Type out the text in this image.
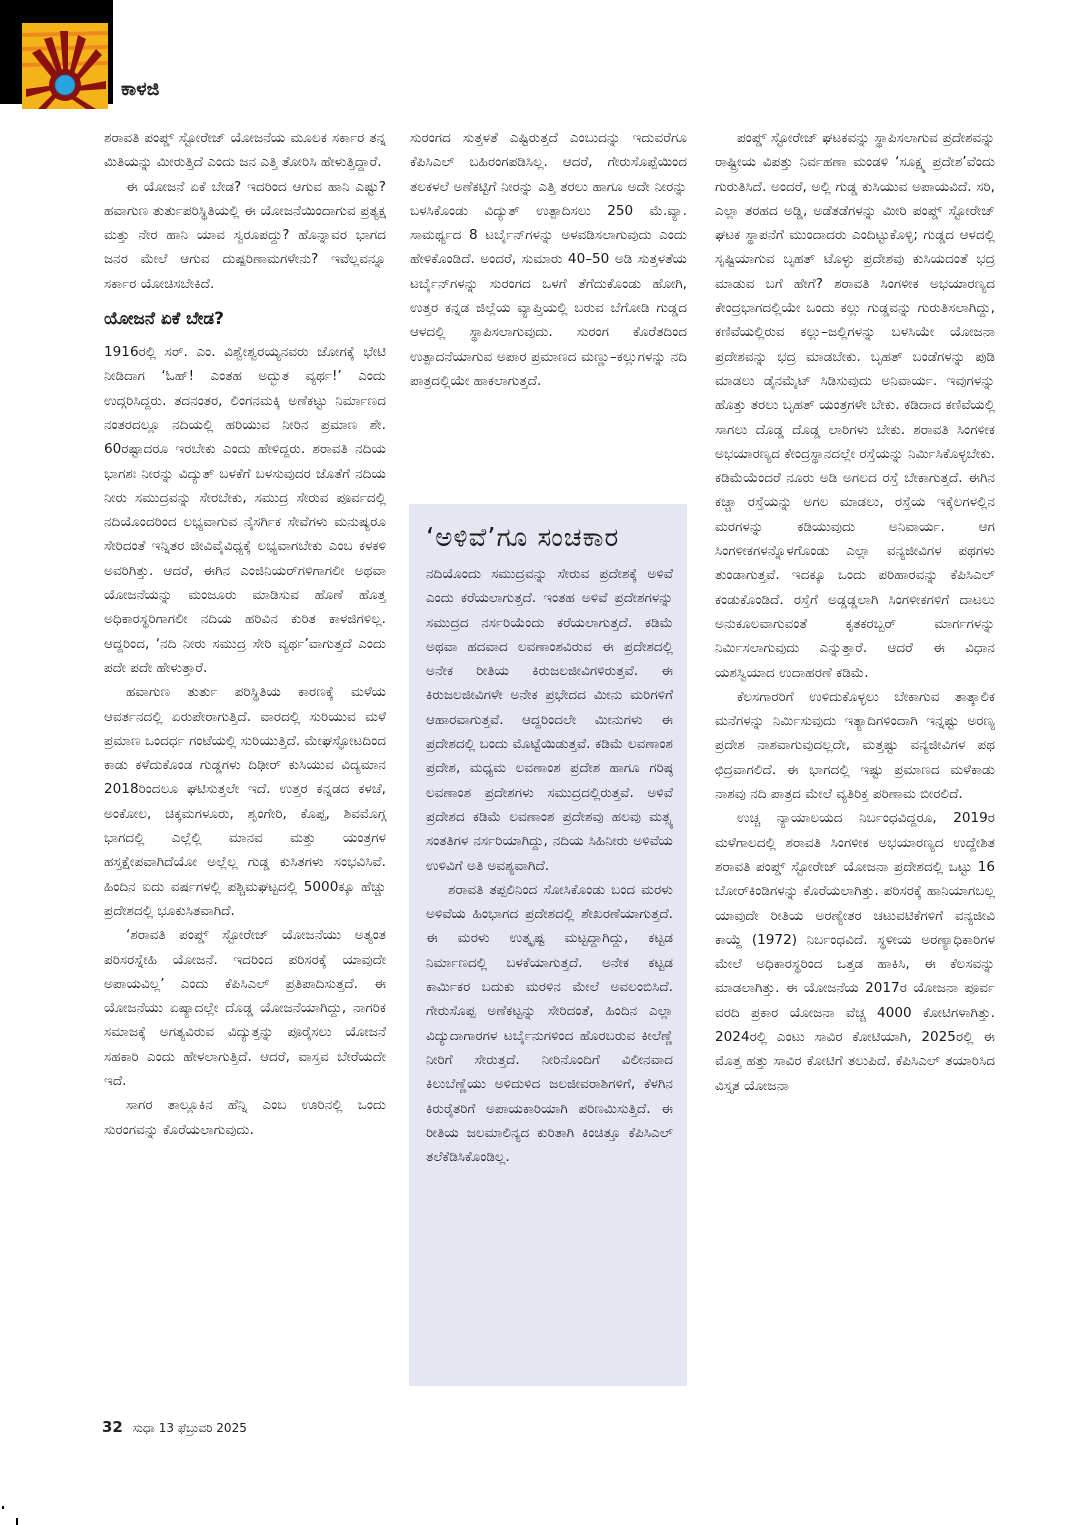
ಕಾಳಜಿ

ಶರಾವತಿ ಪಂಪ್ಡ್ ಸ್ಟೋರೇಜ್ ಯೋಜನೆಯ ಮೂಲಕ ಸರ್ಕಾರ ತನ್ನ ಮಿತಿಯನ್ನು ಮೀರುತ್ತಿದೆ ಎಂದು ಜನ ಎತ್ತಿ ತೋರಿಸಿ ಹೇಳುತ್ತಿದ್ದಾರೆ.

ಈ ಯೋಜನೆ ಏಕೆ ಬೇಡ? ಇದರಿಂದ ಆಗುವ ಹಾನಿ ಎಷ್ಟು? ಹವಾಗುಣ ತುರ್ತುಪರಿಸ್ಥಿತಿಯಲ್ಲಿ ಈ ಯೋಜನೆಯಿಂದಾಗುವ ಪ್ರತ್ಯಕ್ಷ ಮತ್ತು ನೇರ ಹಾನಿ ಯಾವ ಸ್ವರೂಪದ್ದು? ಹೊನ್ನಾವರ ಭಾಗದ ಜನರ ಮೇಲೆ ಆಗುವ ದುಷ್ಪರಿಣಾಮಗಳೇನು? ಇವೆಲ್ಲವನ್ನೂ ಸರ್ಕಾರ ಯೋಚಿಸಬೇಕಿದೆ.

ಯೋಜನೆ ಏಕೆ ಬೇಡ?

1916ರಲ್ಲಿ ಸರ್. ಎಂ. ವಿಶ್ವೇಶ್ವರಯ್ಯನವರು ಜೋಗಕ್ಕೆ ಭೇಟಿ ನೀಡಿದಾಗ ‘ಓಹ್! ಎಂತಹ ಅದ್ಭುತ ವ್ಯರ್ಥ!’ ಎಂದು ಉದ್ಗರಿಸಿದ್ದರು. ತದನಂತರ, ಲಿಂಗನಮಕ್ಕಿ ಅಣೆಕಟ್ಟು ನಿರ್ಮಾಣದ ನಂತರದಲ್ಲೂ ನದಿಯಲ್ಲಿ ಹರಿಯುವ ನೀರಿನ ಪ್ರಮಾಣ ಶೇ. 60ರಷ್ಟಾದರೂ ಇರಬೇಕು ಎಂದು ಹೇಳಿದ್ದರು. ಶರಾವತಿ ನದಿಯ ಭಾಗಶಃ ನೀರನ್ನು ವಿದ್ಯುತ್ ಬಳಕೆಗೆ ಬಳಸುವುದರ ಜೊತೆಗೆ ನದಿಯ ನೀರು ಸಮುದ್ರವನ್ನು ಸೇರಬೇಕು, ಸಮುದ್ರ ಸೇರುವ ಪೂರ್ವದಲ್ಲಿ ನದಿಯೊಂದರಿಂದ ಲಭ್ಯವಾಗುವ ನೈಸರ್ಗಿಕ ಸೇವೆಗಳು ಮನುಷ್ಯರೂ ಸೇರಿದಂತೆ ಇನ್ನಿತರ ಜೀವಿವೈವಿಧ್ಯಕ್ಕೆ ಲಭ್ಯವಾಗಬೇಕು ಎಂಬ ಕಳಕಳಿ ಅವರಿಗಿತ್ತು. ಆದರೆ, ಈಗಿನ ಎಂಜಿನಿಯರ್‌ಗಳಿಗಾಗಲೀ ಅಥವಾ ಯೋಜನೆಯನ್ನು ಮಂಜೂರು ಮಾಡಿಸುವ ಹೊಣೆ ಹೊತ್ತ ಅಧಿಕಾರಸ್ಥರಿಗಾಗಲೀ ನದಿಯ ಹರಿವಿನ ಕುರಿತ ಕಾಳಜಿಗಳಿಲ್ಲ. ಆದ್ದರಿಂದ, ‘ನದಿ ನೀರು ಸಮುದ್ರ ಸೇರಿ ವ್ಯರ್ಥ’ವಾಗುತ್ತದೆ ಎಂದು ಪದೇ ಪದೇ ಹೇಳುತ್ತಾರೆ.

ಹವಾಗುಣ ತುರ್ತು ಪರಿಸ್ಥಿತಿಯ ಕಾರಣಕ್ಕೆ ಮಳೆಯ ಆವರ್ತನದಲ್ಲಿ ಏರುಪೇರಾಗುತ್ತಿದೆ. ವಾರದಲ್ಲಿ ಸುರಿಯುವ ಮಳೆ ಪ್ರಮಾಣ ಒಂದರ್ಧ ಗಂಟೆಯಲ್ಲಿ ಸುರಿಯುತ್ತಿದೆ. ಮೇಘಸ್ಫೋಟದಿಂದ ಕಾಡು ಕಳೆದುಕೊಂಡ ಗುಡ್ಡಗಳು ದಿಢೀರ್ ಕುಸಿಯುವ ವಿದ್ಯಮಾನ 2018ರಿಂದಲೂ ಘಟಿಸುತ್ತಲೇ ಇದೆ. ಉತ್ತರ ಕನ್ನಡದ ಕಳಚೆ, ಅಂಕೋಲ, ಚಿಕ್ಕಮಗಳೂರು, ಶೃಂಗೇರಿ, ಕೊಪ್ಪ, ಶಿವಮೊಗ್ಗ ಭಾಗದಲ್ಲಿ ಎಲ್ಲೆಲ್ಲಿ ಮಾನವ ಮತ್ತು ಯಂತ್ರಗಳ ಹಸ್ತಕ್ಷೇಪವಾಗಿದೆಯೋ ಅಲ್ಲೆಲ್ಲ ಗುಡ್ಡ ಕುಸಿತಗಳು ಸಂಭವಿಸಿವೆ. ಹಿಂದಿನ ಐದು ವರ್ಷಗಳಲ್ಲಿ ಪಶ್ಚಿಮಘಟ್ಟದಲ್ಲಿ 5000ಕ್ಕೂ ಹೆಚ್ಚು ಪ್ರದೇಶದಲ್ಲಿ ಭೂಕುಸಿತವಾಗಿದೆ.

‘ಶರಾವತಿ ಪಂಪ್ಡ್ ಸ್ಟೋರೇಜ್ ಯೋಜನೆಯು ಅತ್ಯಂತ ಪರಿಸರಸ್ನೇಹಿ ಯೋಜನೆ. ಇದರಿಂದ ಪರಿಸರಕ್ಕೆ ಯಾವುದೇ ಅಪಾಯವಿಲ್ಲ’ ಎಂದು ಕೆಪಿಸಿಎಲ್ ಪ್ರತಿಪಾದಿಸುತ್ತದೆ. ಈ ಯೋಜನೆಯು ಏಷ್ಯಾದಲ್ಲೇ ದೊಡ್ಡ ಯೋಜನೆಯಾಗಿದ್ದು, ನಾಗರಿಕ ಸಮಾಜಕ್ಕೆ ಅಗತ್ಯವಿರುವ ವಿದ್ಯುತ್ತನ್ನು ಪೂರೈಸಲು ಯೋಜನೆ ಸಹಕಾರಿ ಎಂದು ಹೇಳಲಾಗುತ್ತಿದೆ. ಆದರೆ, ವಾಸ್ತವ ಬೇರೆಯದೇ ಇದೆ.

ಸಾಗರ ತಾಲ್ಲೂಕಿನ ಹೆನ್ನಿ ಎಂಬ ಊರಿನಲ್ಲಿ ಒಂದು ಸುರಂಗವನ್ನು ಕೊರೆಯಲಾಗುವುದು.

ಸುರಂಗದ ಸುತ್ತಳತೆ ಎಷ್ಟಿರುತ್ತದೆ ಎಂಬುದನ್ನು ಇದುವರೆಗೂ ಕೆಪಿಸಿಎಲ್ ಬಹಿರಂಗಪಡಿಸಿಲ್ಲ. ಆದರೆ, ಗೇರುಸೊಪ್ಪೆಯಿಂದ ತಲಕಳಲೆ ಅಣೆಕಟ್ಟಿಗೆ ನೀರನ್ನು ಎತ್ತಿ ತರಲು ಹಾಗೂ ಅದೇ ನೀರನ್ನು ಬಳಸಿಕೊಂಡು ವಿದ್ಯುತ್ ಉತ್ಪಾದಿಸಲು 250 ಮೆ.ವ್ಯಾ. ಸಾಮರ್ಥ್ಯದ 8 ಟರ್ಬೈನ್‌ಗಳನ್ನು ಅಳವಡಿಸಲಾಗುವುದು ಎಂದು ಹೇಳಿಕೊಂಡಿದೆ. ಅಂದರೆ, ಸುಮಾರು 40–50 ಅಡಿ ಸುತ್ತಳತೆಯ ಟರ್ಬೈನ್‌ಗಳನ್ನು ಸುರಂಗದ ಒಳಗೆ ತೆಗೆದುಕೊಂಡು ಹೋಗಿ, ಉತ್ತರ ಕನ್ನಡ ಜಿಲ್ಲೆಯ ವ್ಯಾಪ್ತಿಯಲ್ಲಿ ಬರುವ ಬೆಗೋಡಿ ಗುಡ್ಡದ ಆಳದಲ್ಲಿ ಸ್ಥಾಪಿಸಲಾಗುವುದು. ಸುರಂಗ ಕೊರೆತದಿಂದ ಉತ್ಪಾದನೆಯಾಗುವ ಅಪಾರ ಪ್ರಮಾಣದ ಮಣ್ಣು–ಕಲ್ಲುಗಳನ್ನು ನದಿ ಪಾತ್ರದಲ್ಲಿಯೇ ಹಾಕಲಾಗುತ್ತದೆ.

‘ಅಳಿವೆ’ಗೂ ಸಂಚಕಾರ

ನದಿಯೊಂದು ಸಮುದ್ರವನ್ನು ಸೇರುವ ಪ್ರದೇಶಕ್ಕೆ ಅಳಿವೆ ಎಂದು ಕರೆಯಲಾಗುತ್ತದೆ. ಇಂತಹ ಅಳಿವೆ ಪ್ರದೇಶಗಳನ್ನು ಸಮುದ್ರದ ನರ್ಸರಿಯೆಂದು ಕರೆಯಲಾಗುತ್ತದೆ. ಕಡಿಮೆ ಅಥವಾ ಹದವಾದ ಲವಣಾಂಶವಿರುವ ಈ ಪ್ರದೇಶದಲ್ಲಿ ಅನೇಕ ರೀತಿಯ ಕಿರುಜಲಜೀವಿಗಳಿರುತ್ತವೆ. ಈ ಕಿರುಜಲಜೀವಿಗಳೇ ಅನೇಕ ಪ್ರಭೇದದ ಮೀನು ಮರಿಗಳಿಗೆ ಆಹಾರವಾಗುತ್ತವೆ. ಆದ್ದರಿಂದಲೇ ಮೀನುಗಳು ಈ ಪ್ರದೇಶದಲ್ಲಿ ಬಂದು ಮೊಟ್ಟೆಯಿಡುತ್ತವೆ. ಕಡಿಮೆ ಲವಣಾಂಶ ಪ್ರದೇಶ, ಮಧ್ಯಮ ಲವಣಾಂಶ ಪ್ರದೇಶ ಹಾಗೂ ಗರಿಷ್ಠ ಲವಣಾಂಶ ಪ್ರದೇಶಗಳು ಸಮುದ್ರದಲ್ಲಿರುತ್ತವೆ. ಅಳಿವೆ ಪ್ರದೇಶದ ಕಡಿಮೆ ಲವಣಾಂಶ ಪ್ರದೇಶವು ಹಲವು ಮತ್ಸ್ಯ ಸಂತತಿಗಳ ನರ್ಸರಿಯಾಗಿದ್ದು, ನದಿಯ ಸಿಹಿನೀರು ಅಳಿವೆಯ ಉಳಿವಿಗೆ ಅತಿ ಅವಶ್ಯವಾಗಿದೆ.

ಶರಾವತಿ ತಪ್ಪಲಿನಿಂದ ಸೋಸಿಕೊಂಡು ಬಂದ ಮರಳು ಅಳಿವೆಯ ಹಿಂಭಾಗದ ಪ್ರದೇಶದಲ್ಲಿ ಶೇಖರಣೆಯಾಗುತ್ತದೆ. ಈ ಮರಳು ಉತ್ಕೃಷ್ಟ ಮಟ್ಟದ್ದಾಗಿದ್ದು, ಕಟ್ಟಡ ನಿರ್ಮಾಣದಲ್ಲಿ ಬಳಕೆಯಾಗುತ್ತದೆ. ಅನೇಕ ಕಟ್ಟಡ ಕಾರ್ಮಿಕರ ಬದುಕು ಮರಳಿನ ಮೇಲೆ ಅವಲಂಬಿಸಿದೆ. ಗೇರುಸೊಪ್ಪ ಅಣೆಕಟ್ಟನ್ನು ಸೇರಿದಂತೆ, ಹಿಂದಿನ ಎಲ್ಲಾ ವಿದ್ಯುದಾಗಾರಗಳ ಟರ್ಬೈನುಗಳಿಂದ ಹೊರಬರುವ ಕೀಲೆಣ್ಣೆ ನೀರಿಗೆ ಸೇರುತ್ತದೆ. ನೀರಿನೊಂದಿಗೆ ವಿಲೀನವಾದ ಕಿಲುಬೆಣ್ಣೆಯು ಅಳಿದುಳಿದ ಜಲಜೀವರಾಶಿಗಳಿಗೆ, ಕೆಳಗಿನ ಕಿರುರೈತರಿಗೆ ಅಪಾಯಕಾರಿಯಾಗಿ ಪರಿಣಮಿಸುತ್ತಿದೆ. ಈ ರೀತಿಯ ಜಲಮಾಲಿನ್ಯದ ಕುರಿತಾಗಿ ಕಿಂಚಿತ್ತೂ ಕೆಪಿಸಿಎಲ್ ತಲೆಕೆಡಿಸಿಕೊಂಡಿಲ್ಲ.

ಪಂಪ್ಡ್ ಸ್ಟೋರೇಜ್ ಘಟಕವನ್ನು ಸ್ಥಾಪಿಸಲಾಗುವ ಪ್ರದೇಶವನ್ನು ರಾಷ್ಟ್ರೀಯ ವಿಪತ್ತು ನಿರ್ವಹಣಾ ಮಂಡಳಿ ‘ಸೂಕ್ಷ್ಮ ಪ್ರದೇಶ’ವೆಂದು ಗುರುತಿಸಿದೆ. ಅಂದರೆ, ಅಲ್ಲಿ ಗುಡ್ಡ ಕುಸಿಯುವ ಅಪಾಯವಿದೆ. ಸರಿ, ಎಲ್ಲಾ ತರಹದ ಅಡ್ಡಿ, ಅಡೆತಡೆಗಳನ್ನು ಮೀರಿ ಪಂಪ್ಡ್ ಸ್ಟೋರೇಜ್ ಘಟಕ ಸ್ಥಾಪನೆಗೆ ಮುಂದಾದರು ಎಂದಿಟ್ಟುಕೊಳ್ಳಿ; ಗುಡ್ಡದ ಆಳದಲ್ಲಿ ಸೃಷ್ಟಿಯಾಗುವ ಬೃಹತ್ ಟೊಳ್ಳು ಪ್ರದೇಶವು ಕುಸಿಯದಂತೆ ಭದ್ರ ಮಾಡುವ ಬಗೆ ಹೇಗೆ? ಶರಾವತಿ ಸಿಂಗಳೀಕ ಅಭಯಾರಣ್ಯದ ಕೇಂದ್ರಭಾಗದಲ್ಲಿಯೇ ಒಂದು ಕಲ್ಲು ಗುಡ್ಡವನ್ನು ಗುರುತಿಸಲಾಗಿದ್ದು, ಕಣಿವೆಯಲ್ಲಿರುವ ಕಲ್ಲು–ಜಲ್ಲಿಗಳನ್ನು ಬಳಸಿಯೇ ಯೋಜನಾ ಪ್ರದೇಶವನ್ನು ಭದ್ರ ಮಾಡಬೇಕು. ಬೃಹತ್ ಬಂಡೆಗಳನ್ನು ಪುಡಿ ಮಾಡಲು ಡೈನಮೈಟ್ ಸಿಡಿಸುವುದು ಅನಿವಾರ್ಯ. ಇವುಗಳನ್ನು ಹೊತ್ತು ತರಲು ಬೃಹತ್ ಯಂತ್ರಗಳೇ ಬೇಕು. ಕಡಿದಾದ ಕಣಿವೆಯಲ್ಲಿ ಸಾಗಲು ದೊಡ್ಡ ದೊಡ್ಡ ಲಾರಿಗಳು ಬೇಕು. ಶರಾವತಿ ಸಿಂಗಳೀಕ ಅಭಯಾರಣ್ಯದ ಕೇಂದ್ರಸ್ಥಾನದಲ್ಲೇ ರಸ್ತೆಯನ್ನು ನಿರ್ಮಿಸಿಕೊಳ್ಳಬೇಕು. ಕಡಿಮೆಯೆಂದರೆ ನೂರು ಅಡಿ ಅಗಲದ ರಸ್ತೆ ಬೇಕಾಗುತ್ತದೆ. ಈಗಿನ ಕಚ್ಚಾ ರಸ್ತೆಯನ್ನು ಅಗಲ ಮಾಡಲು, ರಸ್ತೆಯ ಇಕ್ಕೆಲಗಳಲ್ಲಿನ ಮರಗಳನ್ನು ಕಡಿಯುವುದು ಅನಿವಾರ್ಯ. ಆಗ ಸಿಂಗಳೀಕಗಳನ್ನೊಳಗೊಂಡು ಎಲ್ಲಾ ವನ್ಯಜೀವಿಗಳ ಪಥಗಳು ತುಂಡಾಗುತ್ತವೆ. ಇದಕ್ಕೂ ಒಂದು ಪರಿಹಾರವನ್ನು ಕೆಪಿಸಿಎಲ್ ಕಂಡುಕೊಂಡಿದೆ. ರಸ್ತೆಗೆ ಅಡ್ಡಡ್ಡಲಾಗಿ ಸಿಂಗಳೀಕಗಳಿಗೆ ದಾಟಲು ಅನುಕೂಲವಾಗುವಂತೆ ಕೃತಕರಬ್ಬರ್ ಮಾರ್ಗಗಳನ್ನು ನಿರ್ಮಿಸಲಾಗುವುದು ಎನ್ನುತ್ತಾರೆ. ಆದರೆ ಈ ವಿಧಾನ ಯಶಸ್ವಿಯಾದ ಉದಾಹರಣೆ ಕಡಿಮೆ.

ಕೆಲಸಗಾರರಿಗೆ ಉಳಿದುಕೊಳ್ಳಲು ಬೇಕಾಗುವ ತಾತ್ಕಾಲಿಕ ಮನೆಗಳನ್ನು ನಿರ್ಮಿಸುವುದು ಇತ್ಯಾದಿಗಳಿಂದಾಗಿ ಇನ್ನಷ್ಟು ಅರಣ್ಯ ಪ್ರದೇಶ ನಾಶವಾಗುವುದಲ್ಲದೇ, ಮತ್ತಷ್ಟು ವನ್ಯಜೀವಿಗಳ ಪಥ ಛಿದ್ರವಾಗಲಿದೆ. ಈ ಭಾಗದಲ್ಲಿ ಇಷ್ಟು ಪ್ರಮಾಣದ ಮಳೆಕಾಡು ನಾಶವು ನದಿ ಪಾತ್ರದ ಮೇಲೆ ವ್ಯತಿರಿಕ್ತ ಪರಿಣಾಮ ಬೀರಲಿದೆ.

ಉಚ್ಚ ನ್ಯಾಯಾಲಯದ ನಿರ್ಬಂಧವಿದ್ದರೂ, 2019ರ ಮಳೆಗಾಲದಲ್ಲಿ ಶರಾವತಿ ಸಿಂಗಳೀಕ ಅಭಯಾರಣ್ಯದ ಉದ್ದೇಶಿತ ಶರಾವತಿ ಪಂಪ್ಡ್ ಸ್ಟೋರೇಜ್ ಯೋಜನಾ ಪ್ರದೇಶದಲ್ಲಿ ಒಟ್ಟು 16 ಬೋರ್‌ಕಿಂಡಿಗಳನ್ನು ಕೊರೆಯಲಾಗಿತ್ತು. ಪರಿಸರಕ್ಕೆ ಹಾನಿಯಾಗಬಲ್ಲ ಯಾವುದೇ ರೀತಿಯ ಅರಣ್ಯೇತರ ಚಟುವಟಿಕೆಗಳಿಗೆ ವನ್ಯಜೀವಿ ಕಾಯ್ದೆ (1972) ನಿರ್ಬಂಧವಿದೆ. ಸ್ಥಳೀಯ ಅರಣ್ಯಾಧಿಕಾರಿಗಳ ಮೇಲೆ ಅಧಿಕಾರಸ್ಥರಿಂದ ಒತ್ತಡ ಹಾಕಿಸಿ, ಈ ಕೆಲಸವನ್ನು ಮಾಡಲಾಗಿತ್ತು. ಈ ಯೋಜನೆಯ 2017ರ ಯೋಜನಾ ಪೂರ್ವ ವರದಿ ಪ್ರಕಾರ ಯೋಜನಾ ವೆಚ್ಚ 4000 ಕೋಟಿಗಳಾಗಿತ್ತು. 2024ರಲ್ಲಿ ಎಂಟು ಸಾವಿರ ಕೋಟಿಯಾಗಿ, 2025ರಲ್ಲಿ ಈ ಮೊತ್ತ ಹತ್ತು ಸಾವಿರ ಕೋಟಿಗೆ ತಲುಪಿದೆ. ಕೆಪಿಸಿಎಲ್ ತಯಾರಿಸಿದ ವಿಸ್ತೃತ ಯೋಜನಾ

32 ಸುಧಾ 13 ಫೆಬ್ರುವರಿ 2025
